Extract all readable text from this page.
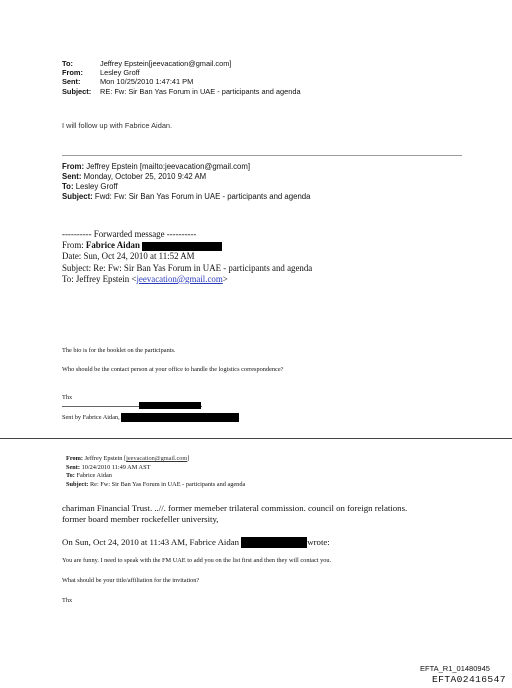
To:	Jeffrey Epstein[jeevacation@gmail.com]
From:	Lesley Groff
Sent:	Mon 10/25/2010 1:47:41 PM
Subject:	RE: Fw: Sir Ban Yas Forum in UAE - participants and agenda
I will follow up with Fabrice Aidan.
From: Jeffrey Epstein [mailto:jeevacation@gmail.com]
Sent: Monday, October 25, 2010 9:42 AM
To: Lesley Groff
Subject: Fwd: Fw: Sir Ban Yas Forum in UAE - participants and agenda
---------- Forwarded message ----------
From: Fabrice Aidan
Date: Sun, Oct 24, 2010 at 11:52 AM
Subject: Re: Fw: Sir Ban Yas Forum in UAE - participants and agenda
To: Jeffrey Epstein <jeevacation@gmail.com>
The bio is for the booklet on the participants.
Who should be the contact person at your office to handle the logistics correspondence?
Thx
Sent by Fabrice Aidan,
From: Jeffrey Epstein [jeevacation@gmail.com]
Sent: 10/24/2010 11:49 AM AST
To: Fabrice Aidan
Subject: Re: Fw: Sir Ban Yas Forum in UAE - participants and agenda
chariman Financial Trust. ..//. former memeber trilateral commission. council on foreign relations.
former board member rockefeller university,
On Sun, Oct 24, 2010 at 11:43 AM, Fabrice Aidan	wrote:
You are funny. I need to speak with the FM UAE to add you on the list first and then they will contact you.
What should be your title/affiliation for the invitation?
Thx
EFTA_R1_01480945
EFTA02416547
